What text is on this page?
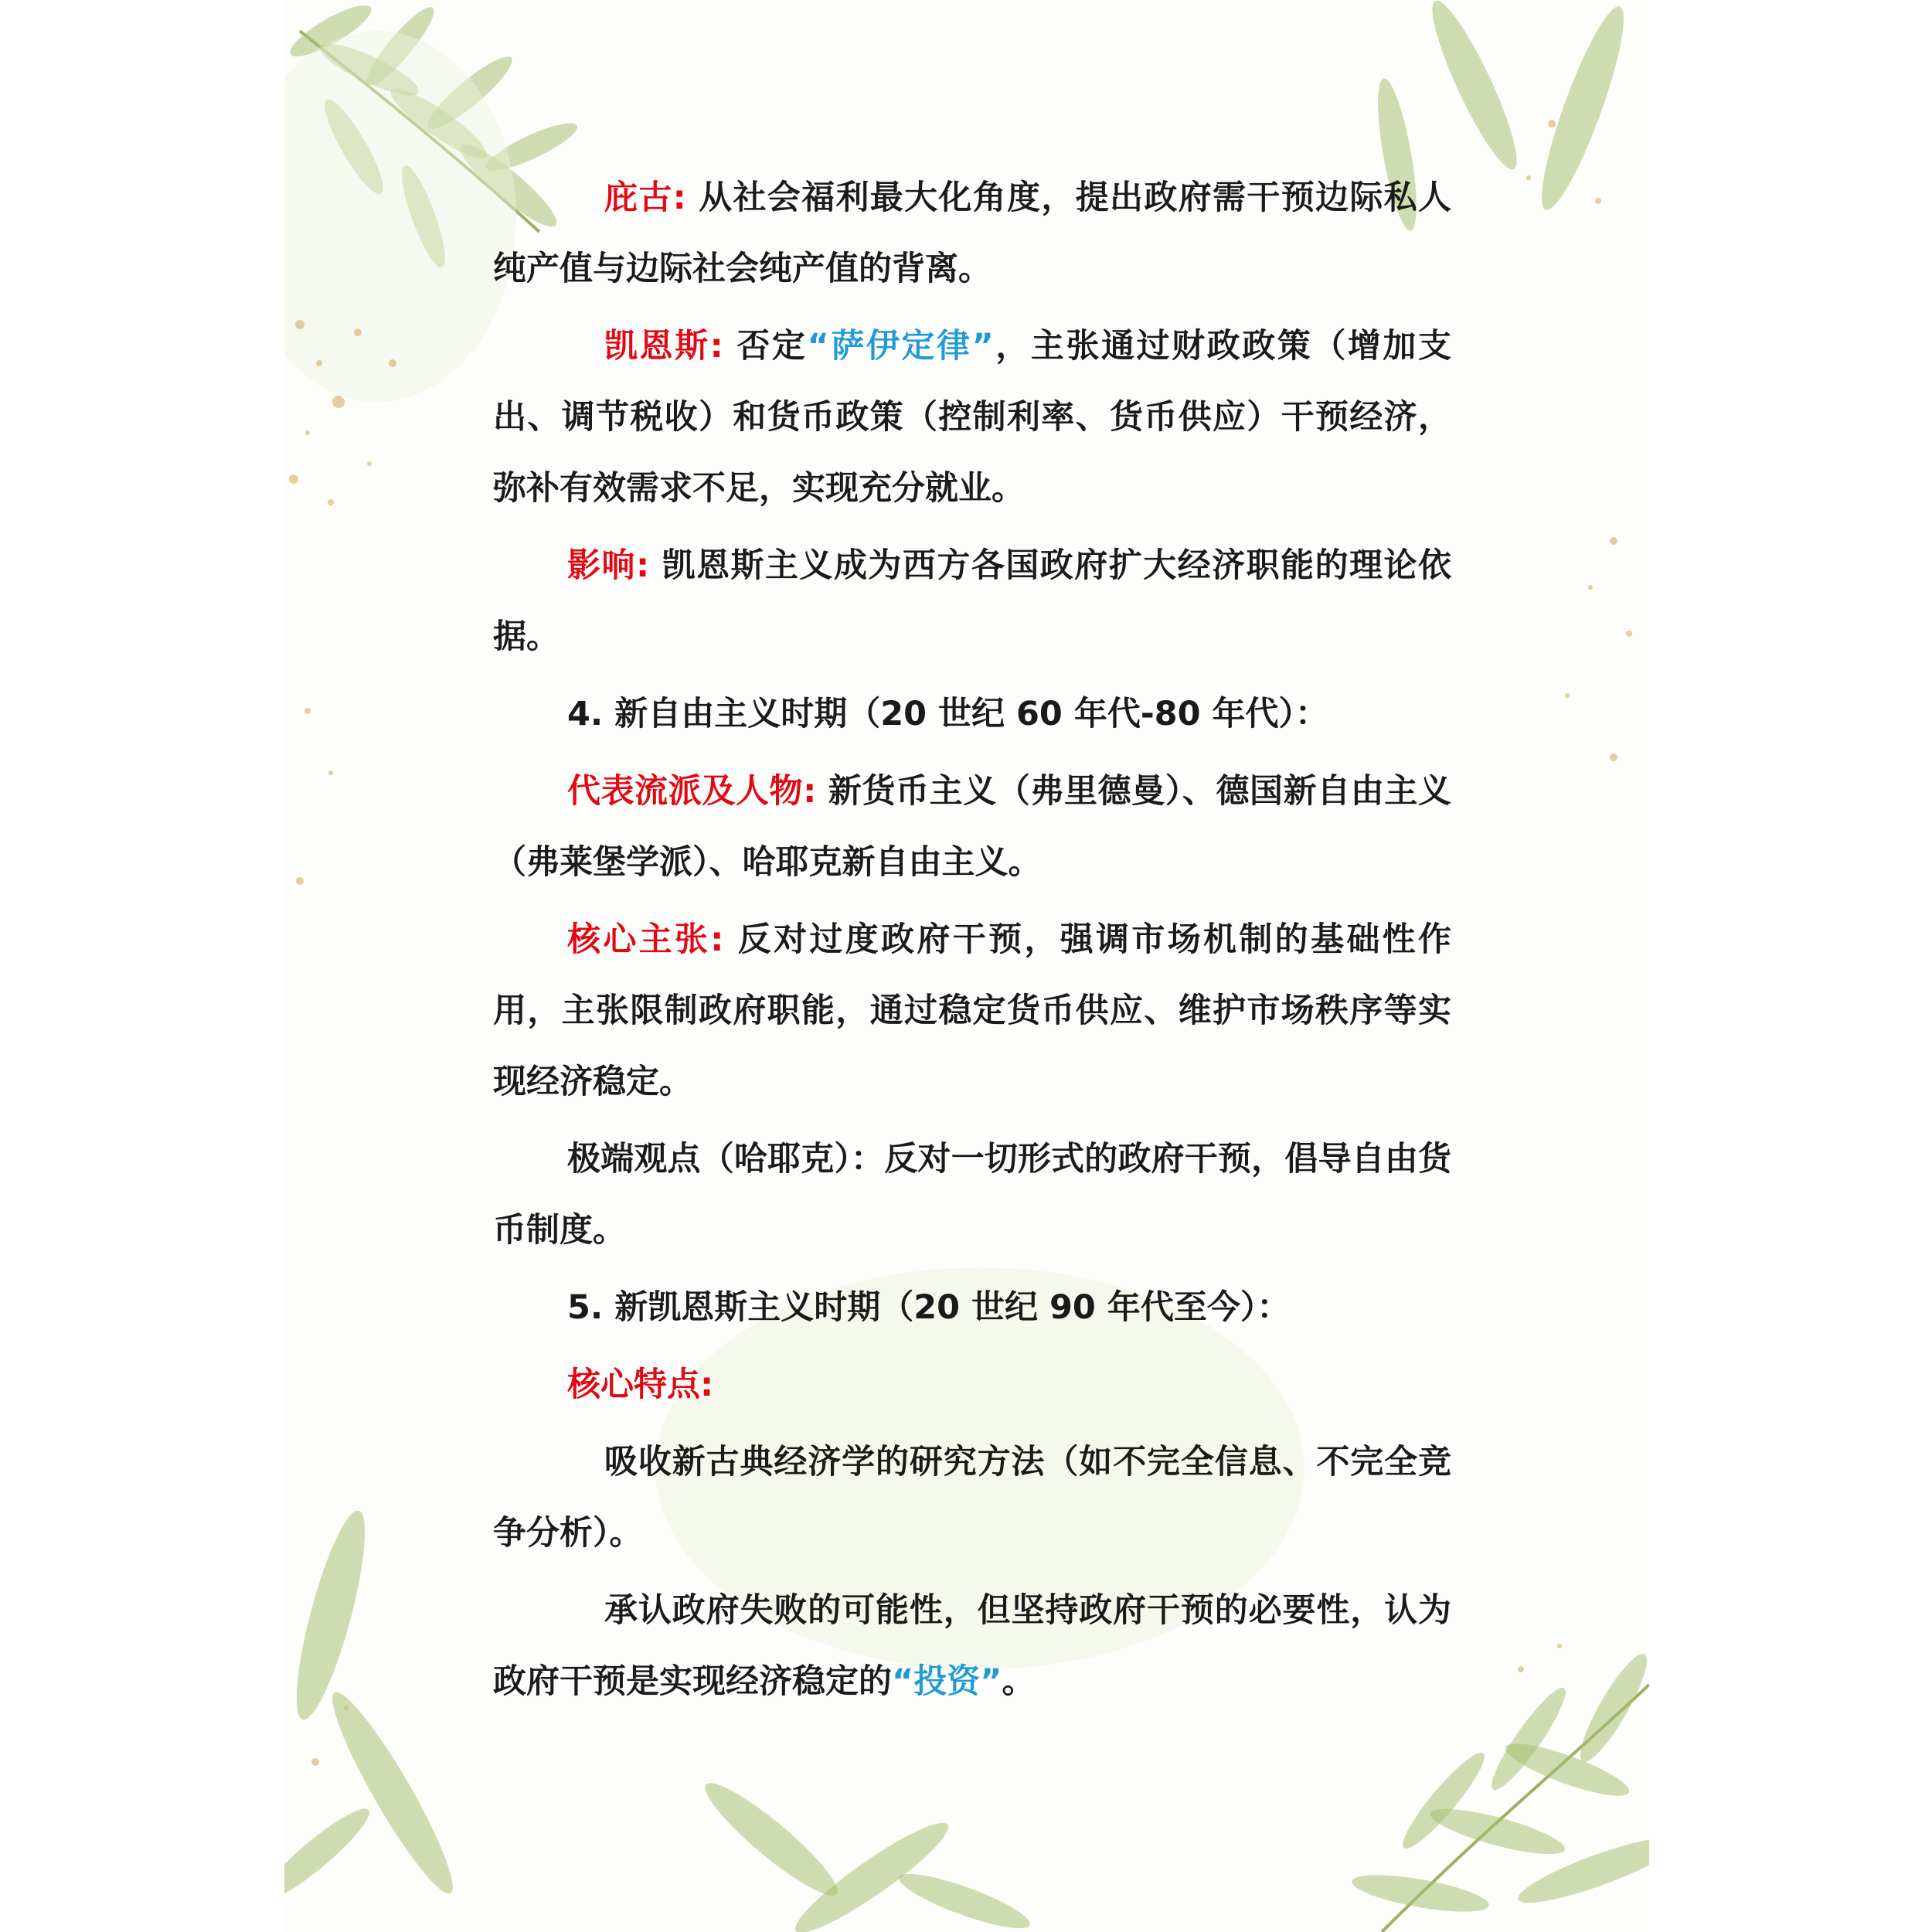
庇古: 从社会福利最大化角度，提出政府需干预边际私人纯产值与边际社会纯产值的背离。

凯恩斯: 否定“萨伊定律”，主张通过财政政策（增加支出、调节税收）和货币政策（控制利率、货币供应）干预经济，弥补有效需求不足，实现充分就业。

影响: 凯恩斯主义成为西方各国政府扩大经济职能的理论依据。

4. 新自由主义时期（20 世纪 60 年代-80 年代）：

代表流派及人物: 新货币主义（弗里德曼）、德国新自由主义（弗莱堡学派）、哈耶克新自由主义。

核心主张: 反对过度政府干预，强调市场机制的基础性作用，主张限制政府职能，通过稳定货币供应、维护市场秩序等实现经济稳定。

极端观点（哈耶克）：反对一切形式的政府干预，倡导自由货币制度。

5. 新凯恩斯主义时期（20 世纪 90 年代至今）：

核心特点:

吸收新古典经济学的研究方法（如不完全信息、不完全竞争分析）。

承认政府失败的可能性，但坚持政府干预的必要性，认为政府干预是实现经济稳定的“投资”。
